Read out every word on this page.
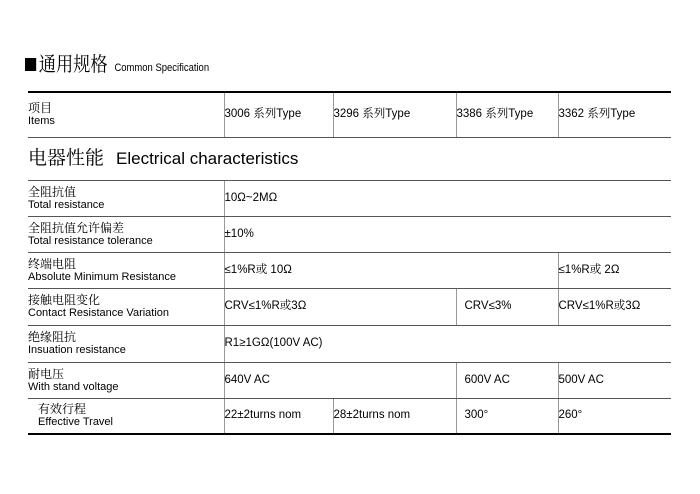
通用规格 Common Specification
项目
Items	3006 系列Type	3296 系列Type	3386 系列Type	3362 系列Type
电器性能 Electrical characteristics				

全阻抗值
Total resistance	10Ω~2MΩ			

全阻抗值允许偏差
Total resistance tolerance	±10%			

终端电阻
Absolute Minimum Resistance	≤1%R或 10Ω			≤1%R或 2Ω

接触电阻变化
Contact Resistance Variation	CRV≤1%R或3Ω		CRV≤3%	CRV≤1%R或3Ω

绝缘阻抗
Insuation resistance	R1≥1GΩ(100V AC)			

耐电压
With stand voltage	640V AC		600V AC	500V AC

有效行程
Effective Travel	22±2turns nom	28±2turns nom	300°	260°
